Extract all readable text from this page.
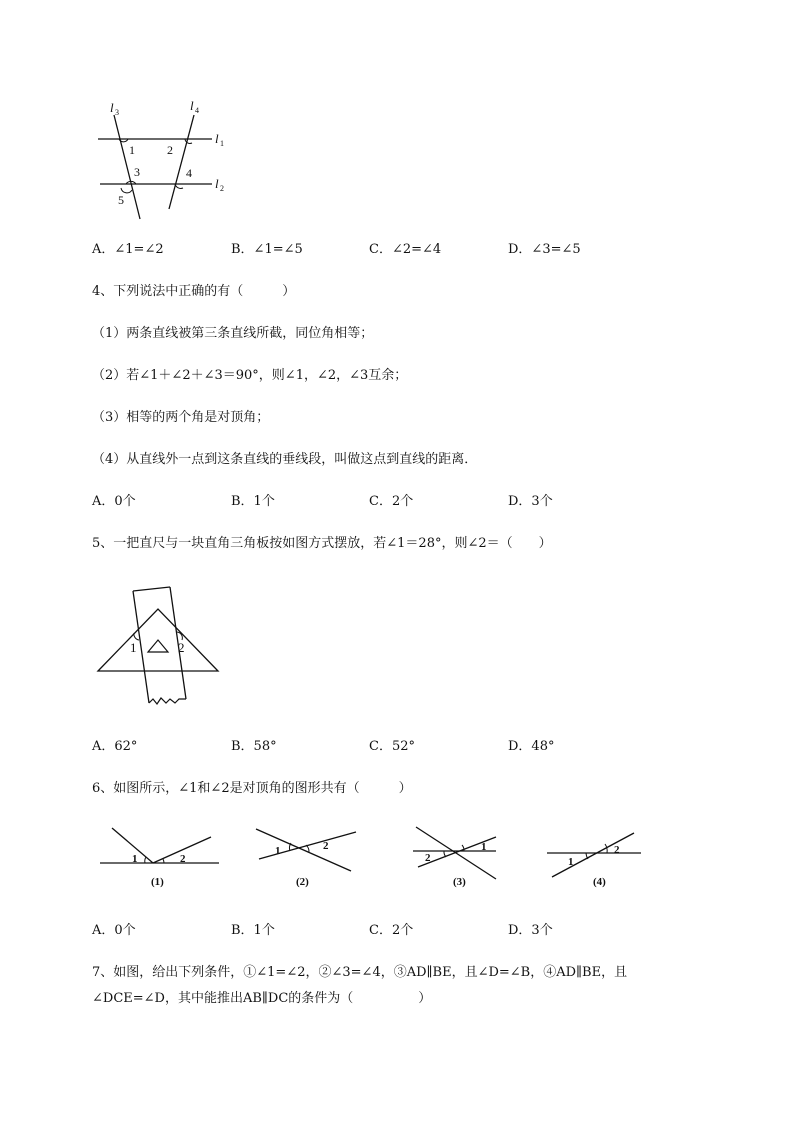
l 3	l 4
l 1
l 2
1	2
3	4
5
A．∠1=∠2	B．∠1=∠5	C．∠2=∠4	D．∠3=∠5
4、下列说法中正确的有（　　　）
（1）两条直线被第三条直线所截，同位角相等；
（2）若∠1＋∠2＋∠3＝90°，则∠1，∠2，∠3互余；
（3）相等的两个角是对顶角；
（4）从直线外一点到这条直线的垂线段，叫做这点到直线的距离．
A．0个	B．1个	C．2个	D．3个
5、一把直尺与一块直角三角板按如图方式摆放，若∠1＝28°，则∠2＝（　　）
1	2
A．62°	B．58°	C．52°	D．48°
6、如图所示，∠1和∠2是对顶角的图形共有（　　　）
1	2
(1)
1	2
(2)
2
1
(3)
1
2
(4)
A．0个	B．1个	C．2个	D．3个
7、如图，给出下列条件，①∠1=∠2，②∠3=∠4，③AD∥BE，且∠D=∠B，④AD∥BE，且
∠DCE=∠D，其中能推出AB∥DC的条件为（　　　　　）
